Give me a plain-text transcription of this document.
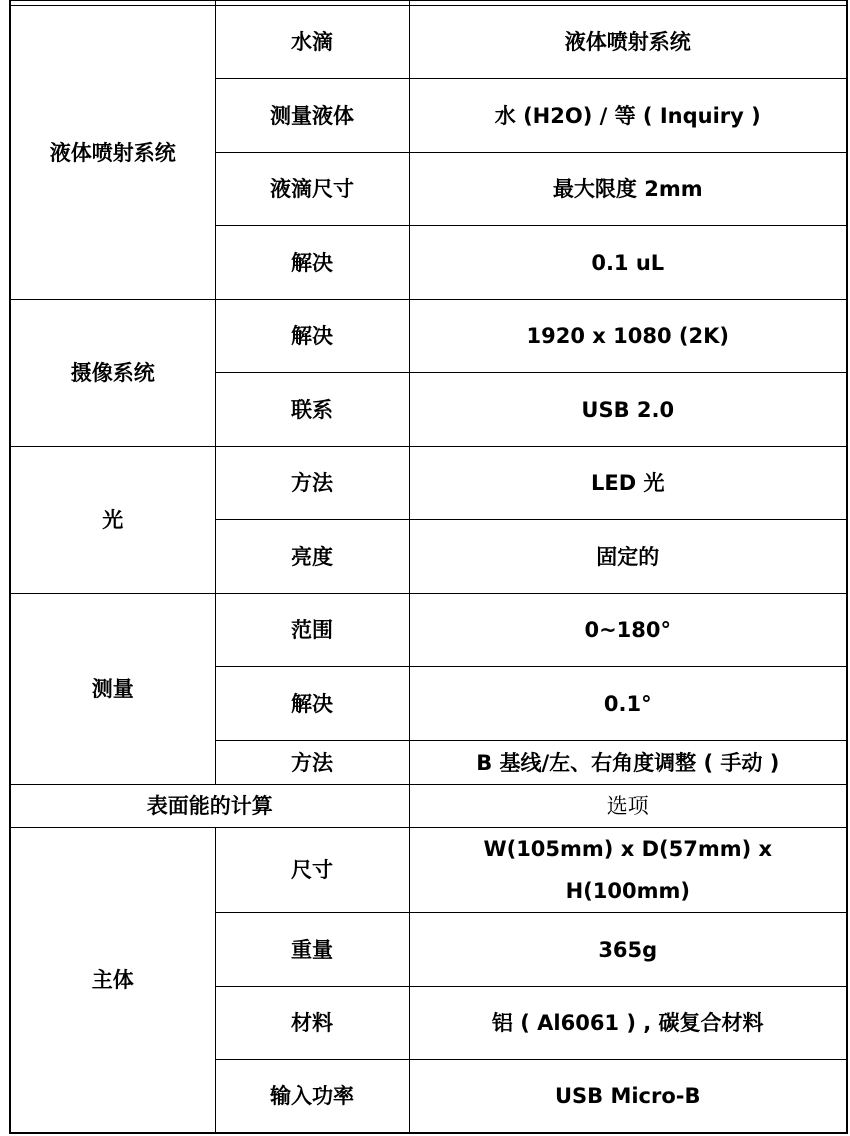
液体喷射系统	水滴	液体喷射系统
	测量液体	水 (H2O) / 等 ( Inquiry )
	液滴尺寸	最大限度 2mm
	解决	0.1 uL
摄像系统	解决	1920 x 1080 (2K)
	联系	USB 2.0
光	方法	LED 光
	亮度	固定的
测量	范围	0~180°
	解决	0.1°
	方法	B 基线/左、右角度调整 ( 手动 )
表面能的计算		选项
主体	尺寸	W(105mm) x D(57mm) x
H(100mm)

	重量	365g
	材料	铝 ( Al6061 ) , 碳复合材料
	输入功率	USB Micro-B
